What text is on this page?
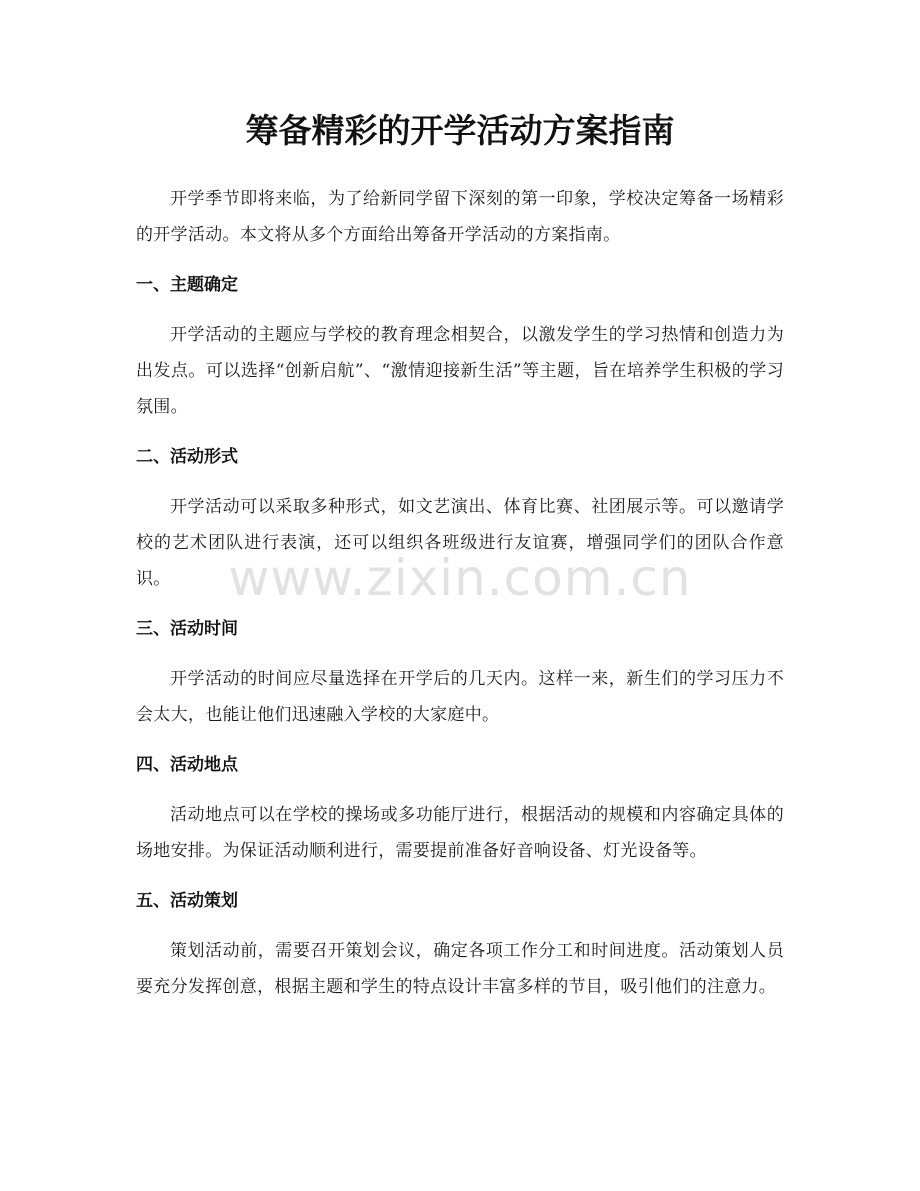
筹备精彩的开学活动方案指南

开学季节即将来临，为了给新同学留下深刻的第一印象，学校决定筹备一场精彩的开学活动。本文将从多个方面给出筹备开学活动的方案指南。

一、主题确定

开学活动的主题应与学校的教育理念相契合，以激发学生的学习热情和创造力为出发点。可以选择“创新启航”、“激情迎接新生活”等主题，旨在培养学生积极的学习氛围。

二、活动形式

开学活动可以采取多种形式，如文艺演出、体育比赛、社团展示等。可以邀请学校的艺术团队进行表演，还可以组织各班级进行友谊赛，增强同学们的团队合作意识。

三、活动时间

开学活动的时间应尽量选择在开学后的几天内。这样一来，新生们的学习压力不会太大，也能让他们迅速融入学校的大家庭中。

四、活动地点

活动地点可以在学校的操场或多功能厅进行，根据活动的规模和内容确定具体的场地安排。为保证活动顺利进行，需要提前准备好音响设备、灯光设备等。

五、活动策划

策划活动前，需要召开策划会议，确定各项工作分工和时间进度。活动策划人员要充分发挥创意，根据主题和学生的特点设计丰富多样的节目，吸引他们的注意力。

www.zixin.com.cn
